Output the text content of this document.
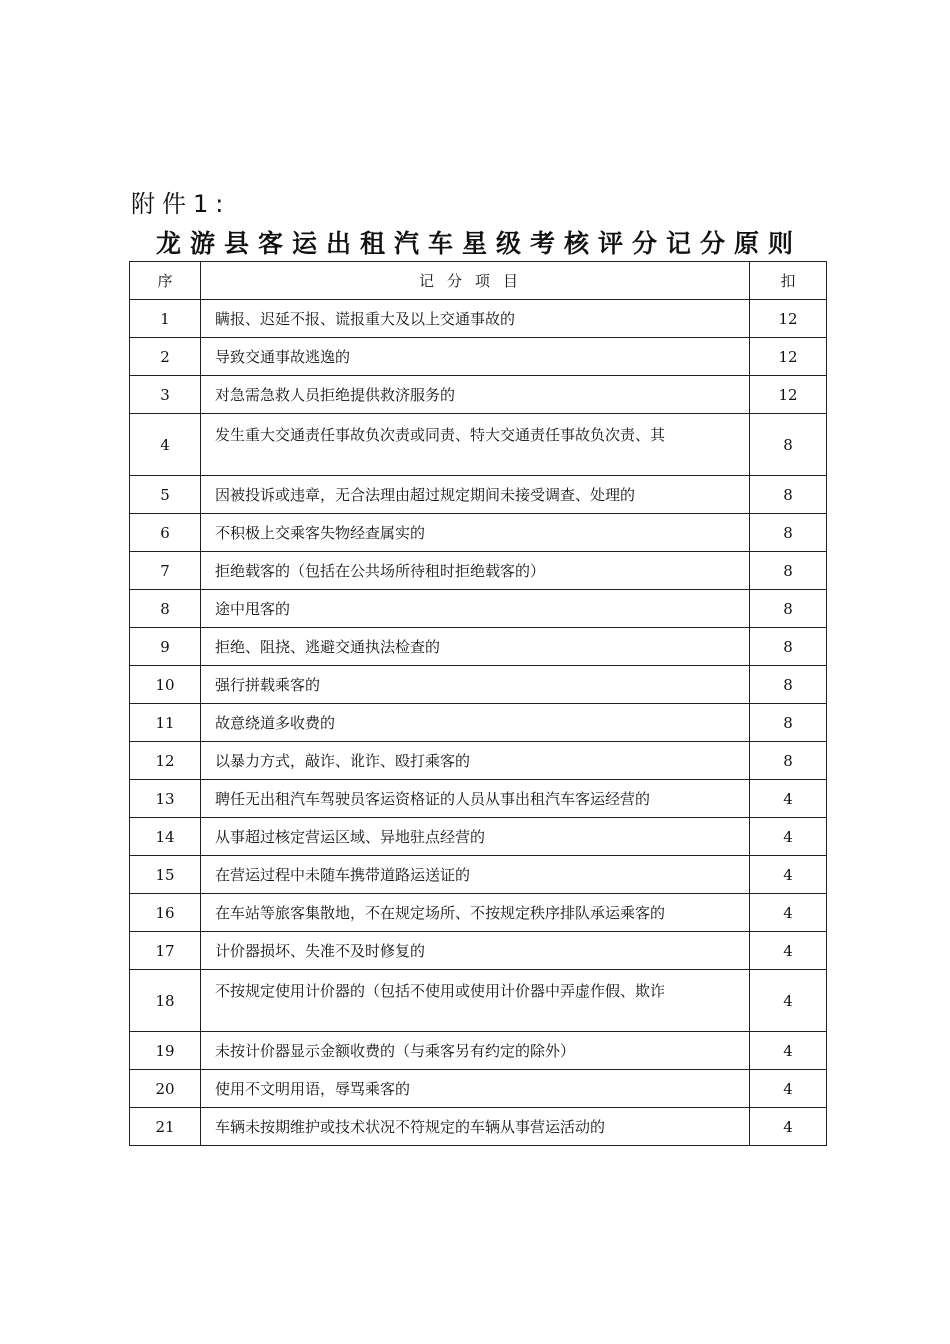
附件1:
龙游县客运出租汽车星级考核评分记分原则
序	记分项目	扣
1	瞒报、迟延不报、谎报重大及以上交通事故的	12
2	导致交通事故逃逸的	12
3	对急需急救人员拒绝提供救济服务的	12
4	发生重大交通责任事故负次责或同责、特大交通责任事故负次责、其	8
5	因被投诉或违章，无合法理由超过规定期间未接受调查、处理的	8
6	不积极上交乘客失物经查属实的	8
7	拒绝载客的（包括在公共场所待租时拒绝载客的）	8
8	途中甩客的	8
9	拒绝、阻挠、逃避交通执法检查的	8
10	强行拼载乘客的	8
11	故意绕道多收费的	8
12	以暴力方式，敲诈、讹诈、殴打乘客的	8
13	聘任无出租汽车驾驶员客运资格证的人员从事出租汽车客运经营的	4
14	从事超过核定营运区域、异地驻点经营的	4
15	在营运过程中未随车携带道路运送证的	4
16	在车站等旅客集散地，不在规定场所、不按规定秩序排队承运乘客的	4
17	计价器损坏、失准不及时修复的	4
18	不按规定使用计价器的（包括不使用或使用计价器中弄虚作假、欺诈	4
19	未按计价器显示金额收费的（与乘客另有约定的除外）	4
20	使用不文明用语，辱骂乘客的	4
21	车辆未按期维护或技术状况不符规定的车辆从事营运活动的	4
